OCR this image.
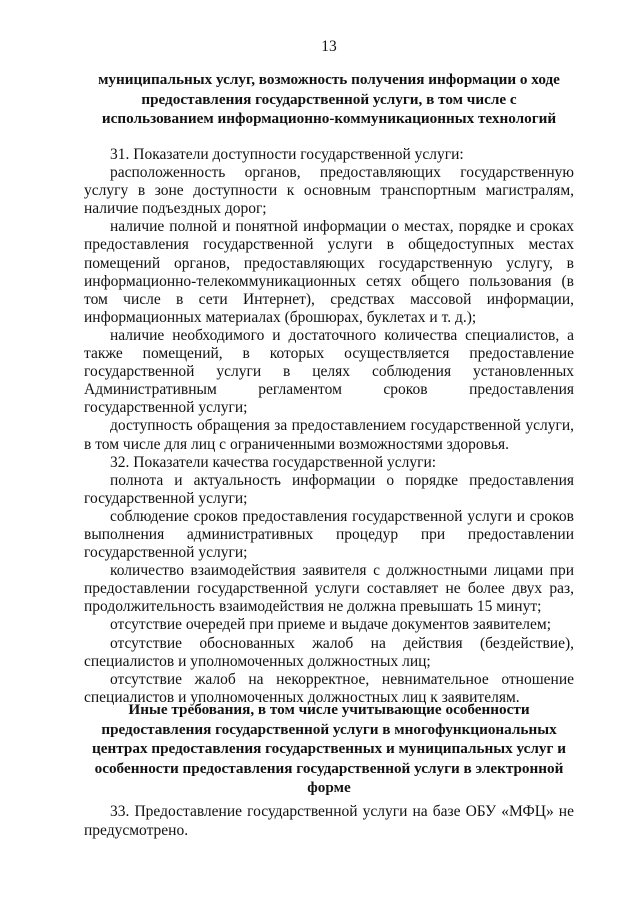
13

муниципальных услуг, возможность получения информации о ходе

предоставления государственной услуги, в том числе с

использованием информационно-коммуникационных технологий

31. Показатели доступности государственной услуги:

расположенность органов, предоставляющих государственную услугу в зоне доступности к основным транспортным магистралям, наличие подъездных дорог;

наличие полной и понятной информации о местах, порядке и сроках предоставления государственной услуги в общедоступных местах помещений органов, предоставляющих государственную услугу, в информационно-телекоммуникационных сетях общего пользования (в том числе в сети Интернет), средствах массовой информации, информационных материалах (брошюрах, буклетах и т. д.);

наличие необходимого и достаточного количества специалистов, а также помещений, в которых осуществляется предоставление государственной услуги в целях соблюдения установленных Административным регламентом сроков предоставления государственной услуги;

доступность обращения за предоставлением государственной услуги, в том числе для лиц с ограниченными возможностями здоровья.

32. Показатели качества государственной услуги:

полнота и актуальность информации о порядке предоставления государственной услуги;

соблюдение сроков предоставления государственной услуги и сроков выполнения административных процедур при предоставлении государственной услуги;

количество взаимодействия заявителя с должностными лицами при предоставлении государственной услуги составляет не более двух раз, продолжительность взаимодействия не должна превышать 15 минут;

отсутствие очередей при приеме и выдаче документов заявителем;

отсутствие обоснованных жалоб на действия (бездействие), специалистов и уполномоченных должностных лиц;

отсутствие жалоб на некорректное, невнимательное отношение специалистов и уполномоченных должностных лиц к заявителям.

Иные требования, в том числе учитывающие особенности

предоставления государственной услуги в многофункциональных

центрах предоставления государственных и муниципальных услуг и

особенности предоставления государственной услуги в электронной

форме

33. Предоставление государственной услуги на базе ОБУ «МФЦ» не предусмотрено.
